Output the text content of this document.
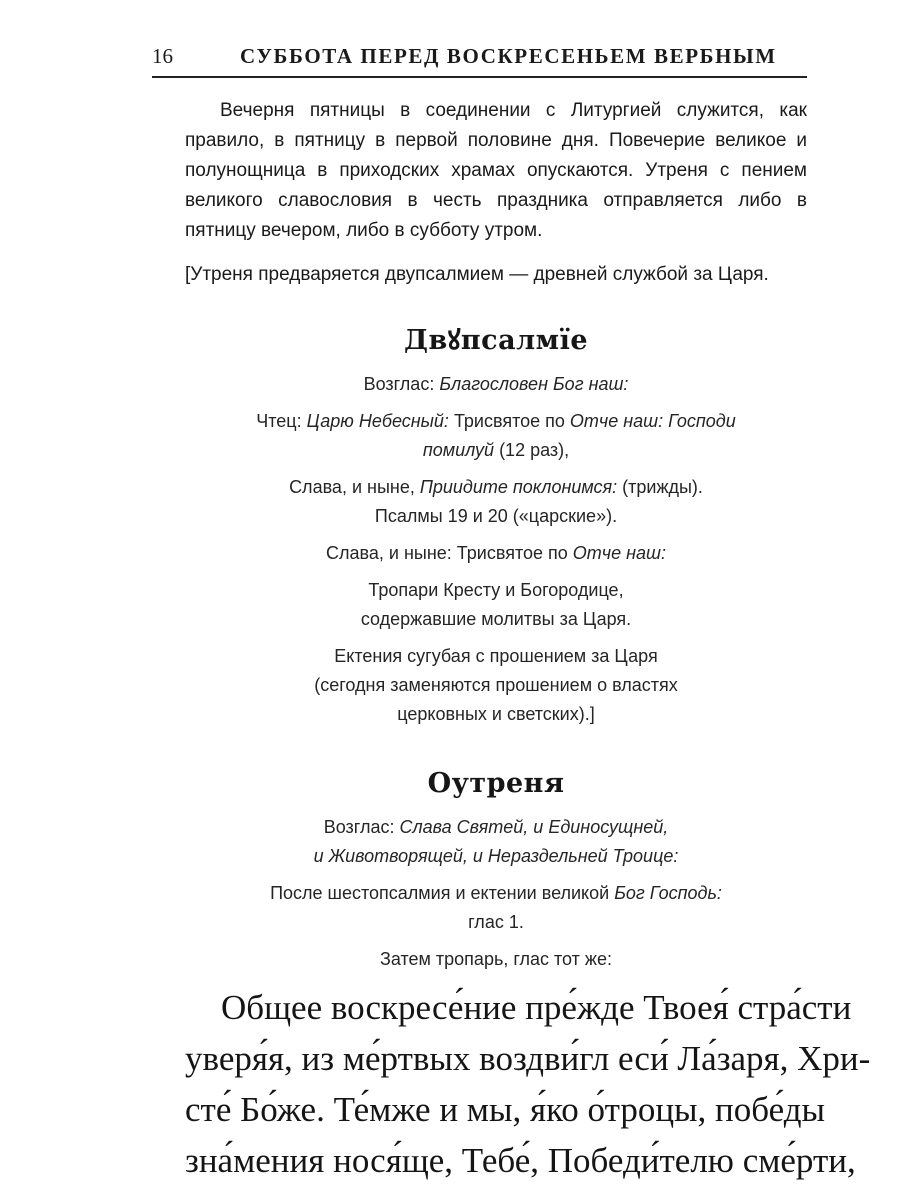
16	СУББОТА ПЕРЕД ВОСКРЕСЕНЬЕМ ВЕРБНЫМ

Вечерня пятницы в соединении с Литургией служится, как правило, в пятницу в первой половине дня. Повечерие великое и полунощница в приходских храмах опускаются. Утреня с пением великого славословия в честь праздника отправляется либо в пятницу вечером, либо в субботу утром.

[Утреня предваряется двупсалмием — древней службой за Царя.

Двꙋпсалмїе
Возглас: Благословен Бог наш:
Чтец: Царю Небесный: Трисвятое по Отче наш: Господи
помилуй (12 раз),
Слава, и ныне, Приидите поклонимся: (трижды).
Псалмы 19 и 20 («царские»).
Слава, и ныне: Трисвятое по Отче наш:
Тропари Кресту и Богородице,
содержавшие молитвы за Царя.
Ектения сугубая с прошением за Царя
(сегодня заменяются прошением о властях
церковных и светских).]
Оутреня
Возглас: Слава Святей, и Единосущней,
и Животворящей, и Нераздельней Троице:
После шестопсалмия и ектении великой Бог Господь:
глас 1.
Затем тропарь, глас тот же:
Общее воскресе́ние пре́жде Твоея́ стра́сти
уверя́я, из ме́ртвых воздви́гл еси́ Ла́заря, Хри-
сте́ Бо́же. Те́мже и мы, я́ко о́троцы, побе́ды
зна́мения нося́ще, Тебе́, Победи́телю сме́рти,
